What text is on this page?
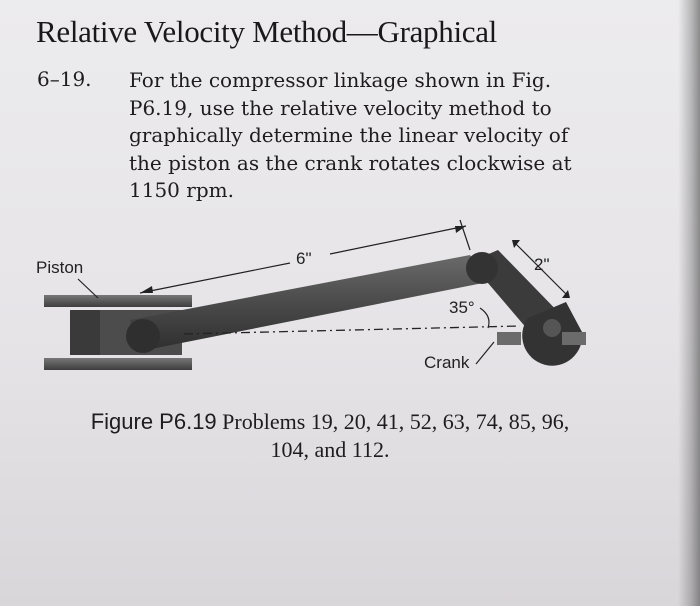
Relative Velocity Method—Graphical
6–19. For the compressor linkage shown in Fig.
P6.19, use the relative velocity method to
graphically determine the linear velocity of
the piston as the crank rotates clockwise at
1150 rpm.
6"	2"
35°
Piston
Crank
Figure P6.19 Problems 19, 20, 41, 52, 63, 74, 85, 96,
104, and 112.
